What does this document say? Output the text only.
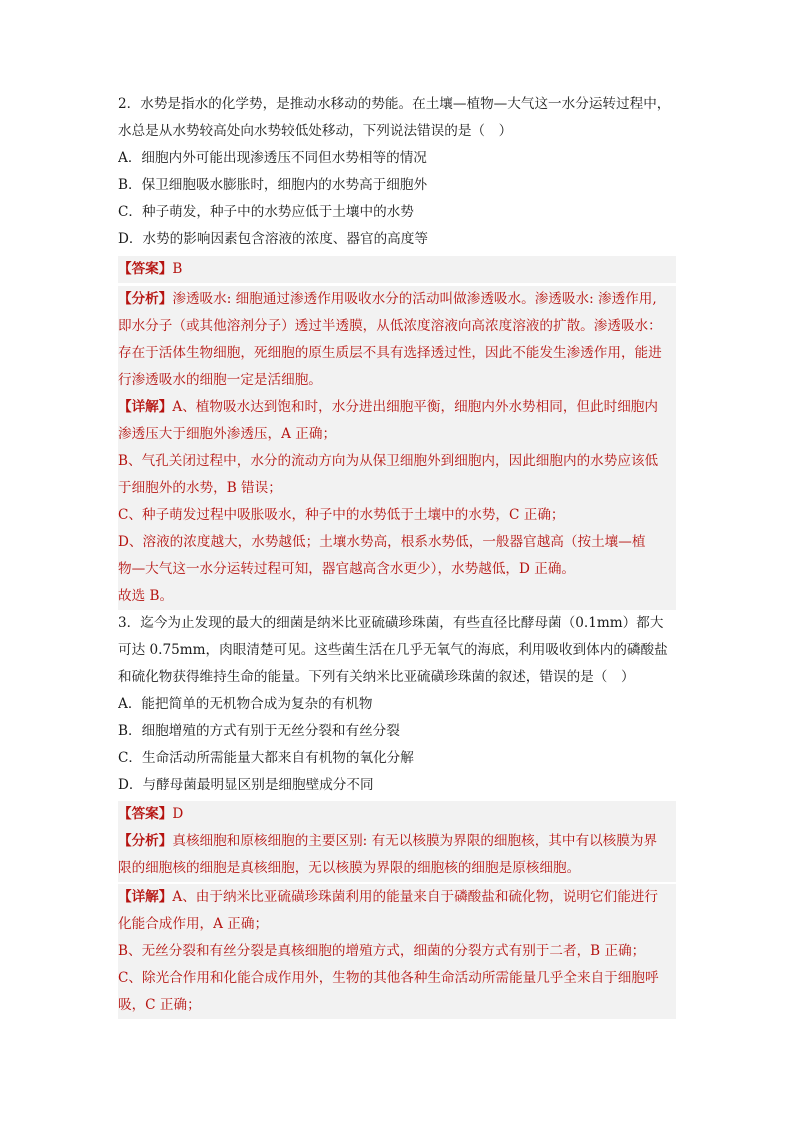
2．水势是指水的化学势，是推动水移动的势能。在土壤—植物—大气这一水分运转过程中，
水总是从水势较高处向水势较低处移动，下列说法错误的是（　）
A．细胞内外可能出现渗透压不同但水势相等的情况
B．保卫细胞吸水膨胀时，细胞内的水势高于细胞外
C．种子萌发，种子中的水势应低于土壤中的水势
D．水势的影响因素包含溶液的浓度、器官的高度等
【答案】B
【分析】渗透吸水: 细胞通过渗透作用吸收水分的活动叫做渗透吸水。渗透吸水: 渗透作用,
即水分子（或其他溶剂分子）透过半透膜，从低浓度溶液向高浓度溶液的扩散。渗透吸水：
存在于活体生物细胞，死细胞的原生质层不具有选择透过性，因此不能发生渗透作用，能进
行渗透吸水的细胞一定是活细胞。
【详解】A、植物吸水达到饱和时，水分进出细胞平衡，细胞内外水势相同，但此时细胞内
渗透压大于细胞外渗透压，A 正确；
B、气孔关闭过程中，水分的流动方向为从保卫细胞外到细胞内，因此细胞内的水势应该低
于细胞外的水势，B 错误；
C、种子萌发过程中吸胀吸水，种子中的水势低于土壤中的水势，C 正确；
D、溶液的浓度越大，水势越低；土壤水势高，根系水势低，一般器官越高（按土壤—植
物—大气这一水分运转过程可知，器官越高含水更少），水势越低，D 正确。
故选 B。
3．迄今为止发现的最大的细菌是纳米比亚硫磺珍珠菌，有些直径比酵母菌（0.1mm）都大
可达 0.75mm，肉眼清楚可见。这些菌生活在几乎无氧气的海底，利用吸收到体内的磷酸盐
和硫化物获得维持生命的能量。下列有关纳米比亚硫磺珍珠菌的叙述，错误的是（　）
A．能把简单的无机物合成为复杂的有机物
B．细胞增殖的方式有别于无丝分裂和有丝分裂
C．生命活动所需能量大都来自有机物的氧化分解
D．与酵母菌最明显区别是细胞壁成分不同
【答案】D
【分析】真核细胞和原核细胞的主要区别: 有无以核膜为界限的细胞核，其中有以核膜为界
限的细胞核的细胞是真核细胞，无以核膜为界限的细胞核的细胞是原核细胞。
【详解】A、由于纳米比亚硫磺珍珠菌利用的能量来自于磷酸盐和硫化物，说明它们能进行
化能合成作用，A 正确；
B、无丝分裂和有丝分裂是真核细胞的增殖方式，细菌的分裂方式有别于二者，B 正确；
C、除光合作用和化能合成作用外，生物的其他各种生命活动所需能量几乎全来自于细胞呼
吸，C 正确；
